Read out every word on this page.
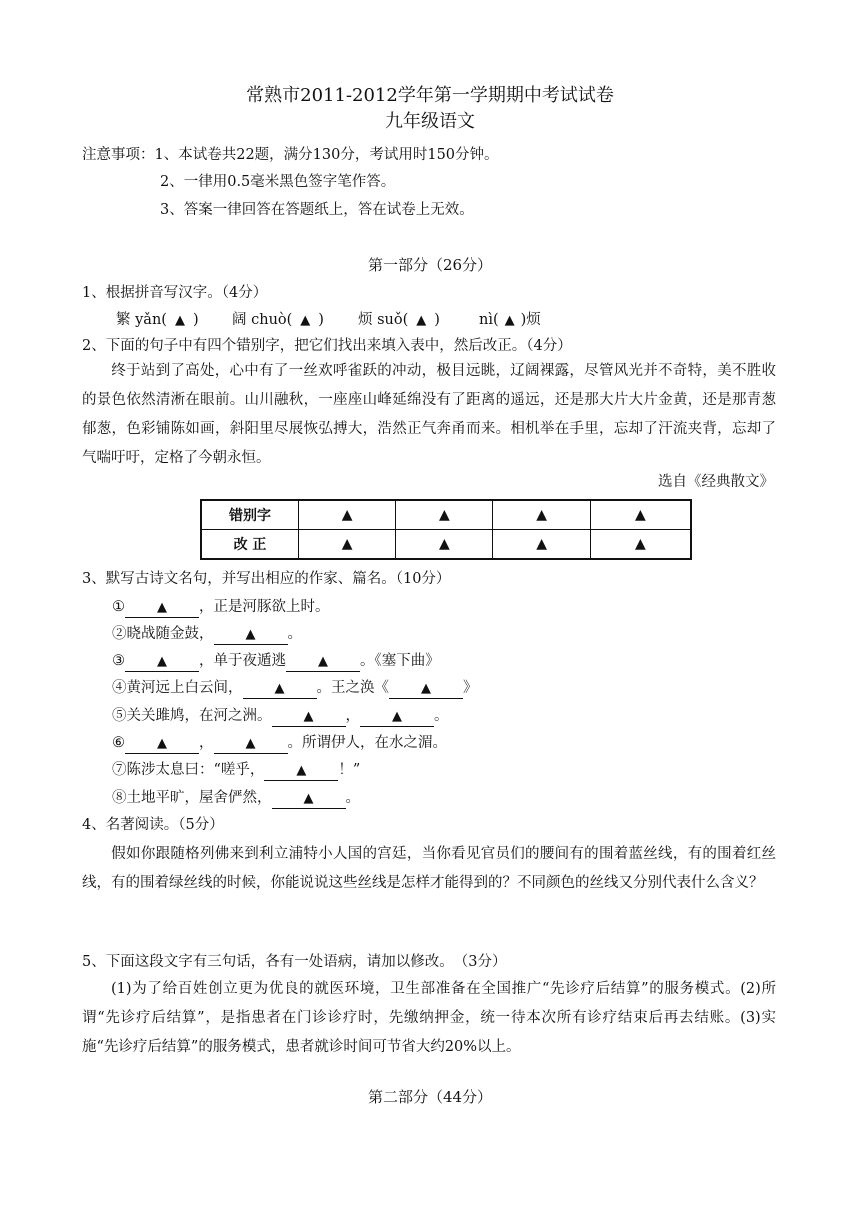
常熟市2011-2012学年第一学期期中考试试卷
九年级语文
注意事项：1、本试卷共22题，满分130分，考试用时150分钟。
2、一律用0.5毫米黑色签字笔作答。
3、答案一律回答在答题纸上，答在试卷上无效。
第一部分（26分）
1、根据拼音写汉字。（4分）
繁 yǎn( ▲ ) 阔 chuò( ▲ ) 烦 suǒ( ▲ )	nì( ▲ )烦
2、下面的句子中有四个错别字，把它们找出来填入表中，然后改正。（4分）
终于站到了高处，心中有了一丝欢呼雀跃的冲动，极目远眺，辽阔裸露，尽管风光并不奇特，美不胜收的景色依然清淅在眼前。山川融秋，一座座山峰延绵没有了距离的遥远，还是那大片大片金黄，还是那青葱郁葱，色彩铺陈如画，斜阳里尽展恢弘搏大，浩然正气奔甬而来。相机举在手里，忘却了汗流夹背，忘却了气喘吁吁，定格了今朝永恒。
选自《经典散文》
错别字	▲	▲	▲	▲
改 正	▲	▲	▲	▲
3、默写古诗文名句，并写出相应的作家、篇名。（10分）
① ▲ ，正是河豚欲上时。
②晓战随金鼓， ▲ 。
③ ▲ ，单于夜遁逃 ▲ 。《塞下曲》
④黄河远上白云间， ▲ 。王之涣《 ▲ 》
⑤关关雎鸠，在河之洲。 ▲ ， ▲ 。
⑥ ▲ ， ▲ 。所谓伊人，在水之湄。
⑦陈涉太息曰：“嗟乎， ▲ ！”
⑧土地平旷，屋舍俨然， ▲ 。
4、名著阅读。（5分）
假如你跟随格列佛来到利立浦特小人国的宫廷，当你看见官员们的腰间有的围着蓝丝线，有的围着红丝线，有的围着绿丝线的时候，你能说说这些丝线是怎样才能得到的？不同颜色的丝线又分别代表什么含义？
5、下面这段文字有三句话，各有一处语病，请加以修改。　（3分）
(1)为了给百姓创立更为优良的就医环境，卫生部准备在全国推广“先诊疗后结算”的服务模式。(2)所谓“先诊疗后结算”，是指患者在门诊诊疗时，先缴纳押金，统一待本次所有诊疗结束后再去结账。(3)实施“先诊疗后结算”的服务模式，患者就诊时间可节省大约20%以上。
第二部分（44分）
